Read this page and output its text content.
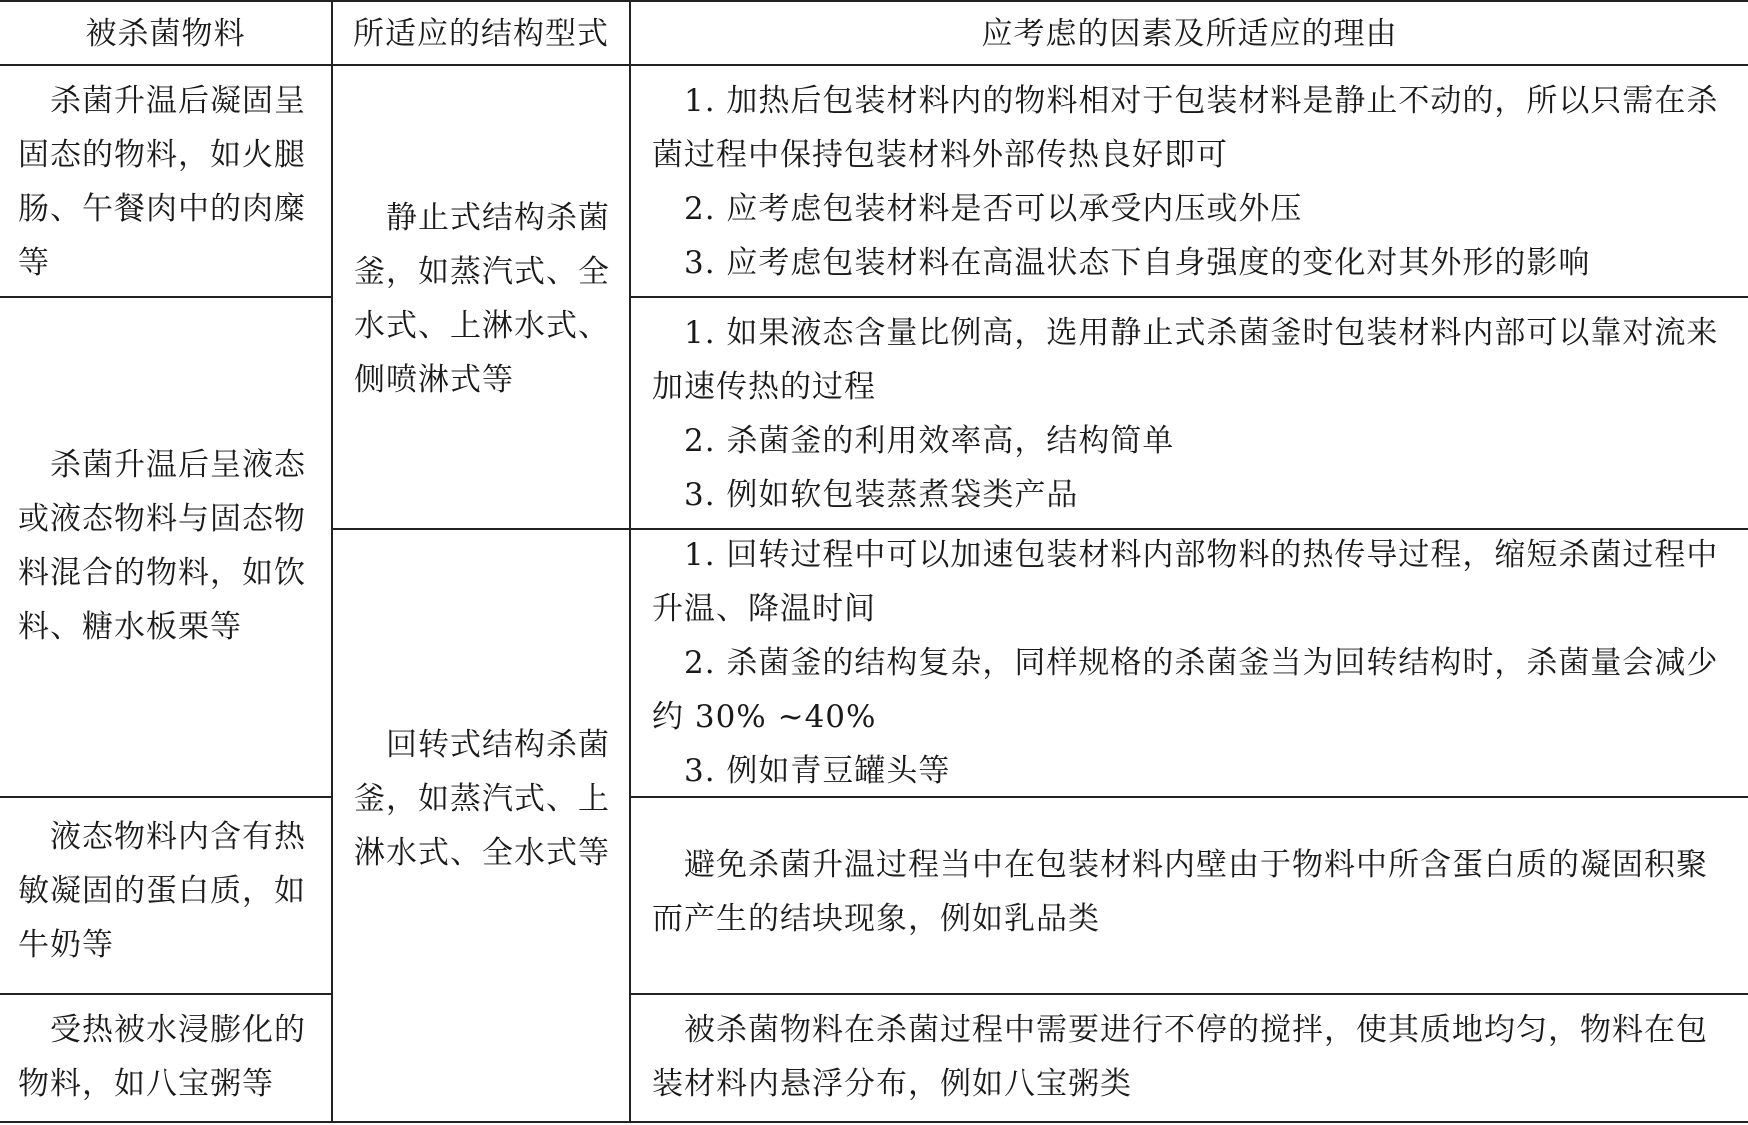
被杀菌物料	所适应的结构型式	应考虑的因素及所适应的理由
杀菌升温后凝固呈固态的物料，如火腿肠、午餐肉中的肉糜等
杀菌升温后呈液态或液态物料与固态物料混合的物料，如饮料、糖水板栗等
液态物料内含有热敏凝固的蛋白质，如牛奶等
受热被水浸膨化的物料，如八宝粥等
静止式结构杀菌釜，如蒸汽式、全水式、上淋水式、侧喷淋式等
回转式结构杀菌釜，如蒸汽式、上淋水式、全水式等
1. 加热后包装材料内的物料相对于包装材料是静止不动的，所以只需在杀菌过程中保持包装材料外部传热良好即可
2. 应考虑包装材料是否可以承受内压或外压
3. 应考虑包装材料在高温状态下自身强度的变化对其外形的影响
1. 如果液态含量比例高，选用静止式杀菌釜时包装材料内部可以靠对流来加速传热的过程
2. 杀菌釜的利用效率高，结构简单
3. 例如软包装蒸煮袋类产品
1. 回转过程中可以加速包装材料内部物料的热传导过程，缩短杀菌过程中升温、降温时间
2. 杀菌釜的结构复杂，同样规格的杀菌釜当为回转结构时，杀菌量会减少约 30% ~40%
3. 例如青豆罐头等
避免杀菌升温过程当中在包装材料内壁由于物料中所含蛋白质的凝固积聚而产生的结块现象，例如乳品类
被杀菌物料在杀菌过程中需要进行不停的搅拌，使其质地均匀，物料在包装材料内悬浮分布，例如八宝粥类
